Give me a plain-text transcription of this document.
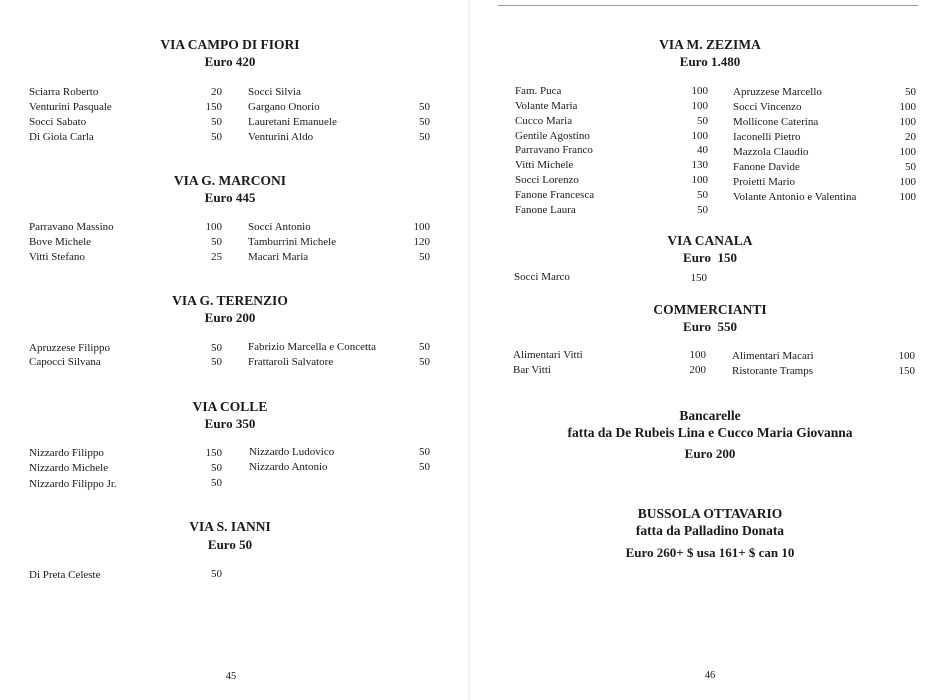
VIA CAMPO DI FIORI
Euro 420
Sciarra Roberto	20
Venturini Pasquale	150
Socci Sabato	50
Di Gioia Carla	50
Socci Silvia
Gargano Onorio	50
Lauretani Emanuele	50
Venturini Aldo	50
VIA G. MARCONI
Euro 445
Parravano Massino	100
Bove Michele	50
Vitti Stefano	25
Socci Antonio	100
Tamburrini Michele	120
Macari Maria	50
VIA G. TERENZIO
Euro 200
Apruzzese Filippo	50
Capocci Silvana	50
Fabrizio Marcella e Concetta	50
Frattaroli Salvatore	50
VIA COLLE
Euro 350
Nizzardo Filippo	150
Nizzardo Michele	50
Nizzardo Filippo Jr.	50
Nizzardo Ludovico	50
Nizzardo Antonio	50
VIA S. IANNI
Euro 50
Di Preta Celeste	50
45
VIA M. ZEZIMA
Euro 1.480
Fam. Puca	100
Volante Maria	100
Cucco Maria	50
Gentile Agostino	100
Parravano Franco	40
Vitti Michele	130
Socci Lorenzo	100
Fanone Francesca	50
Fanone Laura	50
Apruzzese Marcello	50
Socci Vincenzo	100
Mollicone Caterina	100
Iaconelli Pietro	20
Mazzola Claudio	100
Fanone Davide	50
Proietti Mario	100
Volante Antonio e Valentina	100
VIA CANALA
Euro  150
Socci Marco	150
COMMERCIANTI
Euro  550
Alimentari Vitti	100
Bar Vitti	200
Alimentari Macari	100
Ristorante Tramps	150
Bancarelle
fatta da De Rubeis Lina e Cucco Maria Giovanna
Euro 200
BUSSOLA OTTAVARIO
fatta da Palladino Donata
Euro 260+ $ usa 161+ $ can 10
46
